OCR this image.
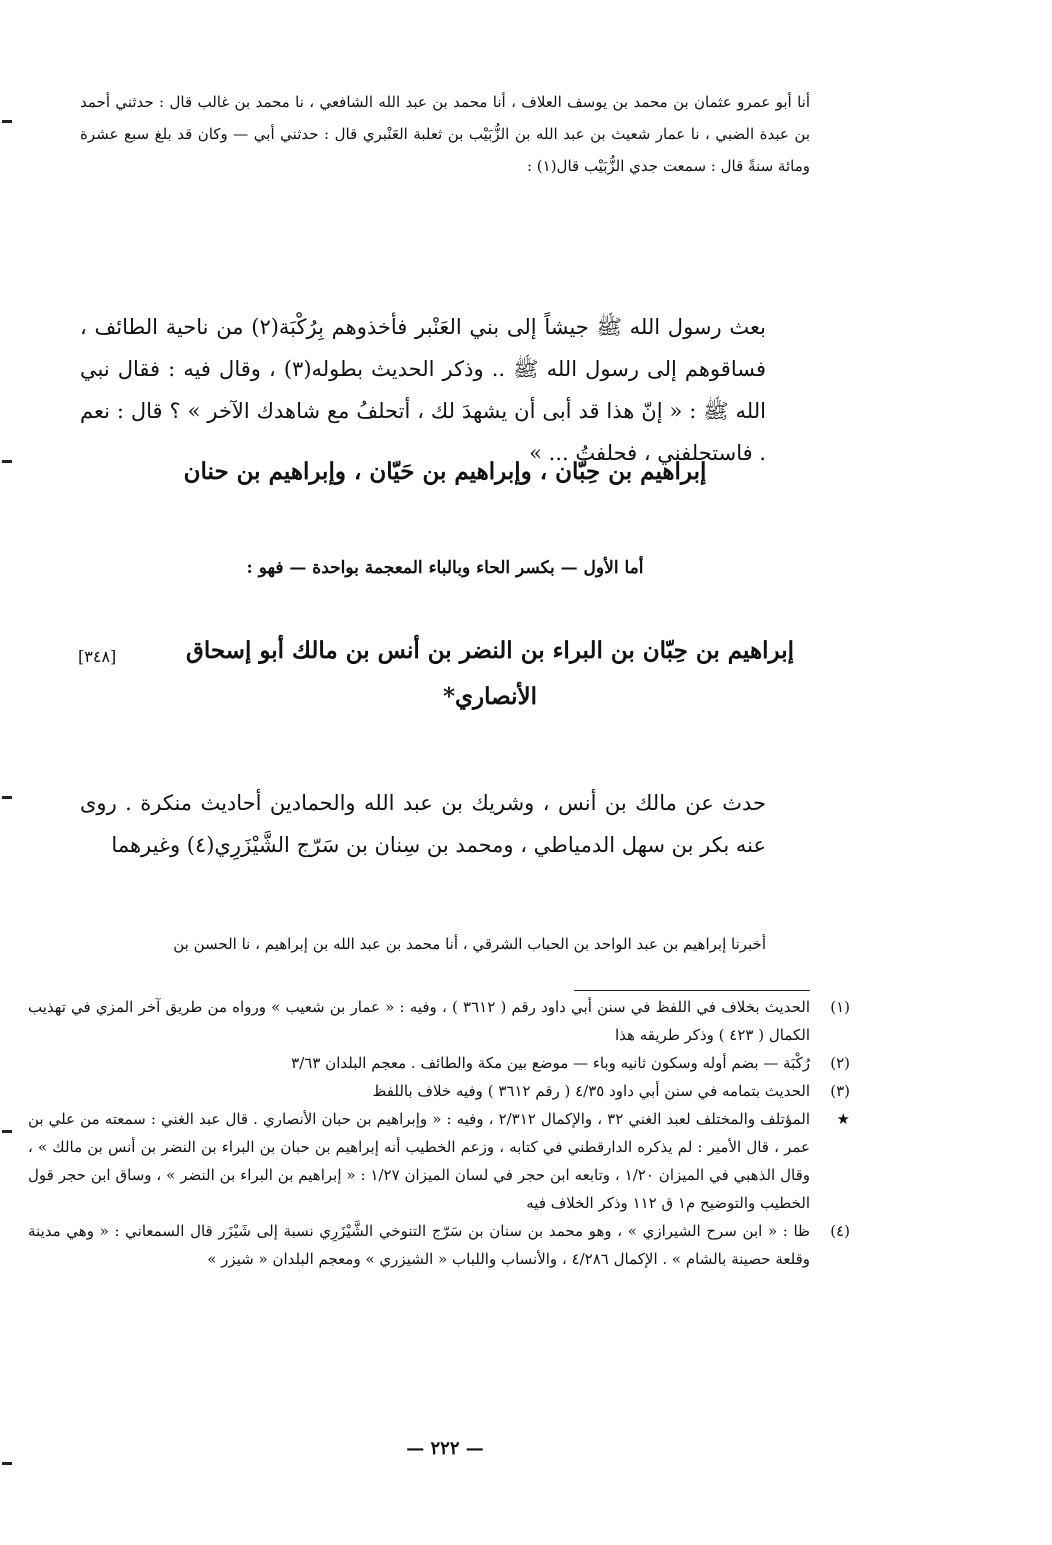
أنا أبو عمرو عثمان بن محمد بن يوسف العلاف ، أنا محمد بن عبد الله الشافعي ، نا محمد بن غالب قال : حدثني أحمد بن عبدة الضبي ، نا عمار شعيث بن عبد الله بن الزُّبَيْب بن ثعلبة العَنْبري قال : حدثني أبي — وكان قد بلغ سبع عشرة ومائة سنةً قال : سمعت جدي الزُّبَيْب قال(١) :
بعث رسول الله ﷺ جيشاً إلى بني العَنْبر فأخذوهم بِرُكْبَة(٢) من ناحية الطائف ، فساقوهم إلى رسول الله ﷺ .. وذكر الحديث بطوله(٣) ، وقال فيه : فقال نبي الله ﷺ : « إنّ هذا قد أبى أن يشهدَ لك ، أتحلفُ مع شاهدك الآخر » ؟ قال : نعم . فاستحلفني ، فحلفتُ ... »
إبراهيم بن حِبّان ، وإبراهيم بن حَيّان ، وإبراهيم بن حنان
أما الأول — بكسر الحاء وبالباء المعجمة بواحدة — فهو :
[٣٤٨]	إبراهيم بن حِبّان بن البراء بن النضر بن أنس بن مالك أبو إسحاق الأنصاري*
حدث عن مالك بن أنس ، وشريك بن عبد الله والحمادين أحاديث منكرة . روى عنه بكر بن سهل الدمياطي ، ومحمد بن سِنان بن سَرّج الشَّيْزَرِي(٤) وغيرهما
أخبرنا إبراهيم بن عبد الواحد بن الحباب الشرقي ، أنا محمد بن عبد الله بن إبراهيم ، نا الحسن بن
(١)
الحديث بخلاف في اللفظ في سنن أبي داود رقم ( ٣٦١٢ ) ، وفيه : « عمار بن شعيب » ورواه من طريق آخر المزي في تهذيب الكمال ( ٤٢٣ ) وذكر طريقه هذا
(٢)
رُكْبَة — بضم أوله وسكون ثانيه وباء — موضع بين مكة والطائف . معجم البلدان ٣/٦٣
(٣)
الحديث بتمامه في سنن أبي داود ٤/٣٥ ( رقم ٣٦١٢ ) وفيه خلاف باللفظ
★
المؤتلف والمختلف لعبد الغني ٣٢ ، والإكمال ٢/٣١٢ ، وفيه : « وإبراهيم بن حبان الأنصاري . قال عبد الغني : سمعته من علي بن عمر ، قال الأمير : لم يذكره الدارقطني في كتابه ، وزعم الخطيب أنه إبراهيم بن حبان بن البراء بن النضر بن أنس بن مالك » ، وقال الذهبي في الميزان ١/٢٠ ، وتابعه ابن حجر في لسان الميزان ١/٢٧ : « إبراهيم بن البراء بن النضر » ، وساق ابن حجر قول الخطيب والتوضيح م١ ق ١١٢ وذكر الخلاف فيه
(٤)
ظا : « ابن سرح الشيرازي » ، وهو محمد بن سنان بن سَرّج التنوخي الشَّيْزَرِي نسبة إلى شَيْزَر قال السمعاني : « وهي مدينة وقلعة حصينة بالشام » . الإكمال ٤/٢٨٦ ، والأنساب واللباب « الشيزري » ومعجم البلدان « شيزر »
— ٢٢٢ —
